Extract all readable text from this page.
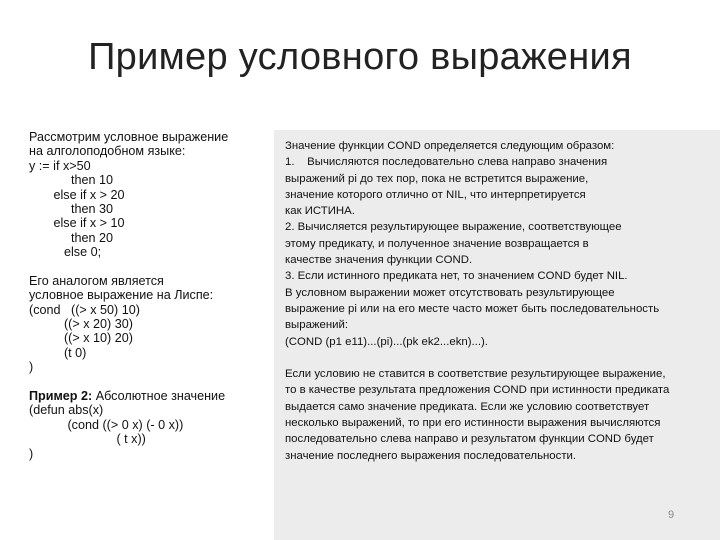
Пример условного выражения
Рассмотрим условное выражение
на алголоподобном языке:
y := if x>50
then 10
else if x > 20
then 30
else if x > 10
then 20
else 0;
Его аналогом является
условное выражение на Лиспе:
(cond   ((> x 50) 10)
((> x 20) 30)
((> x 10) 20)
(t 0)
)
Пример 2: Абсолютное значение
(defun abs(x)
(cond ((> 0 x) (- 0 x))
( t x))
)
Значение функции COND определяется следующим образом:
1.    Вычисляются последовательно слева направо значения
выражений pi до тех пор, пока не встретится выражение,
значение которого отлично от NIL, что интерпретируется
как ИСТИНА.
2. Вычисляется результирующее выражение, соответствующее
этому предикату, и полученное значение возвращается в
качестве значения функции COND.
3. Если истинного предиката нет, то значением COND будет NIL.
В условном выражении может отсутствовать результирующее
выражение pi или на его месте часто может быть последовательность
выражений:
(COND (p1 e11)...(pi)...(pk ek2...ekn)...).
Если условию не ставится в соответствие результирующее выражение,
то в качестве результата предложения COND при истинности предиката
выдается само значение предиката. Если же условию соответствует
несколько выражений, то при его истинности выражения вычисляются
последовательно слева направо и результатом функции COND будет
значение последнего выражения последовательности.
9
